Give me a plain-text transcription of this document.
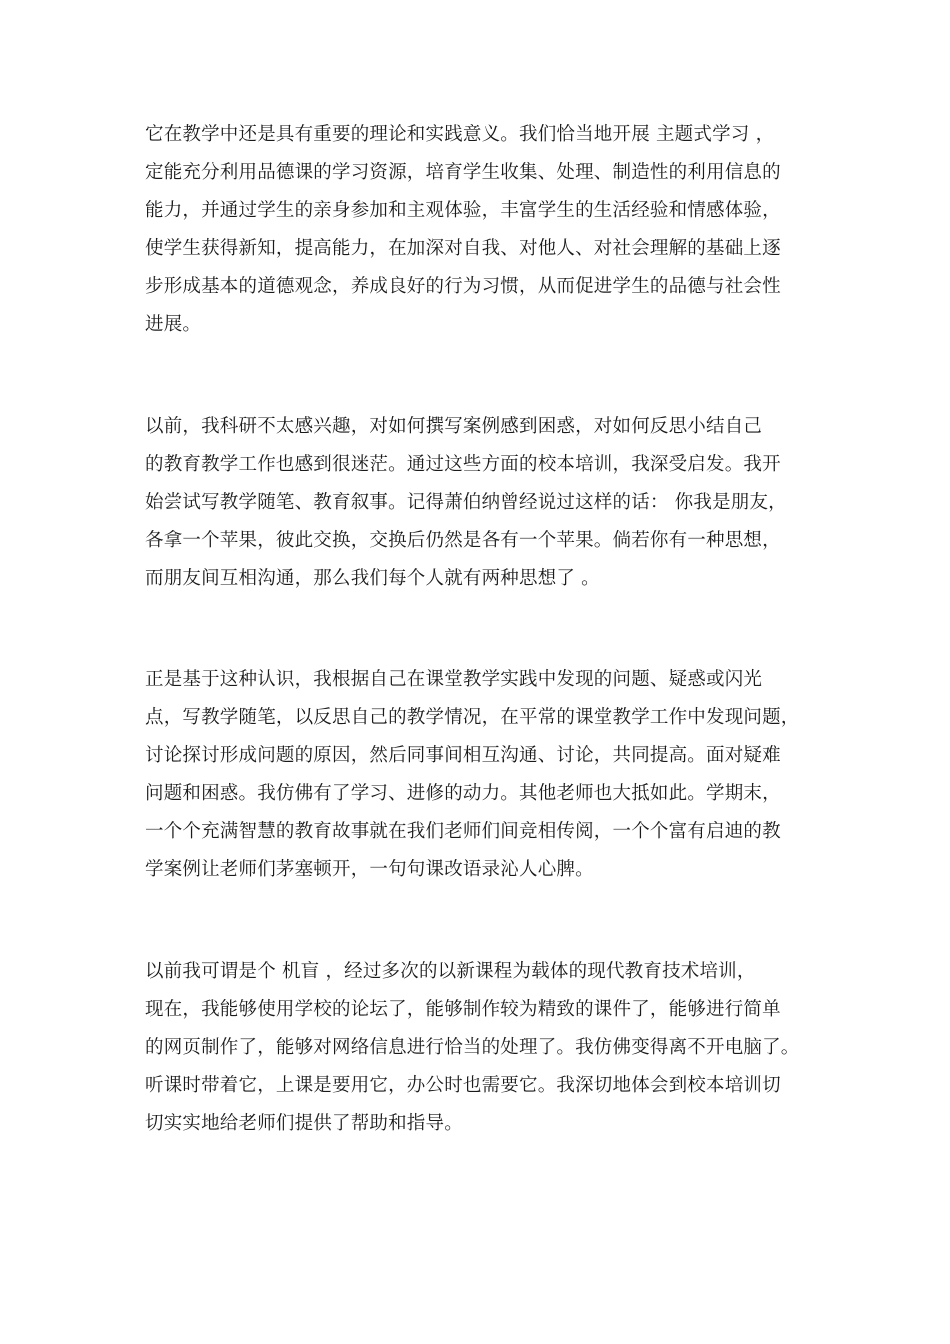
它在教学中还是具有重要的理论和实践意义。我们恰当地开展 主题式学习 ，
定能充分利用品德课的学习资源，培育学生收集、处理、制造性的利用信息的
能力，并通过学生的亲身参加和主观体验，丰富学生的生活经验和情感体验，
使学生获得新知，提高能力，在加深对自我、对他人、对社会理解的基础上逐
步形成基本的道德观念，养成良好的行为习惯，从而促进学生的品德与社会性
进展。
以前，我科研不太感兴趣，对如何撰写案例感到困惑，对如何反思小结自己
的教育教学工作也感到很迷茫。通过这些方面的校本培训，我深受启发。我开
始尝试写教学随笔、教育叙事。记得萧伯纳曾经说过这样的话： 你我是朋友，
各拿一个苹果，彼此交换，交换后仍然是各有一个苹果。倘若你有一种思想，
而朋友间互相沟通，那么我们每个人就有两种思想了 。
正是基于这种认识，我根据自己在课堂教学实践中发现的问题、疑惑或闪光
点，写教学随笔，以反思自己的教学情况，在平常的课堂教学工作中发现问题，
讨论探讨形成问题的原因，然后同事间相互沟通、讨论，共同提高。面对疑难
问题和困惑。我仿佛有了学习、进修的动力。其他老师也大抵如此。学期末，
一个个充满智慧的教育故事就在我们老师们间竞相传阅，一个个富有启迪的教
学案例让老师们茅塞顿开，一句句课改语录沁人心脾。
以前我可谓是个 机盲 ，经过多次的以新课程为载体的现代教育技术培训，
现在，我能够使用学校的论坛了，能够制作较为精致的课件了，能够进行简单
的网页制作了，能够对网络信息进行恰当的处理了。我仿佛变得离不开电脑了。
听课时带着它，上课是要用它，办公时也需要它。我深切地体会到校本培训切
切实实地给老师们提供了帮助和指导。
